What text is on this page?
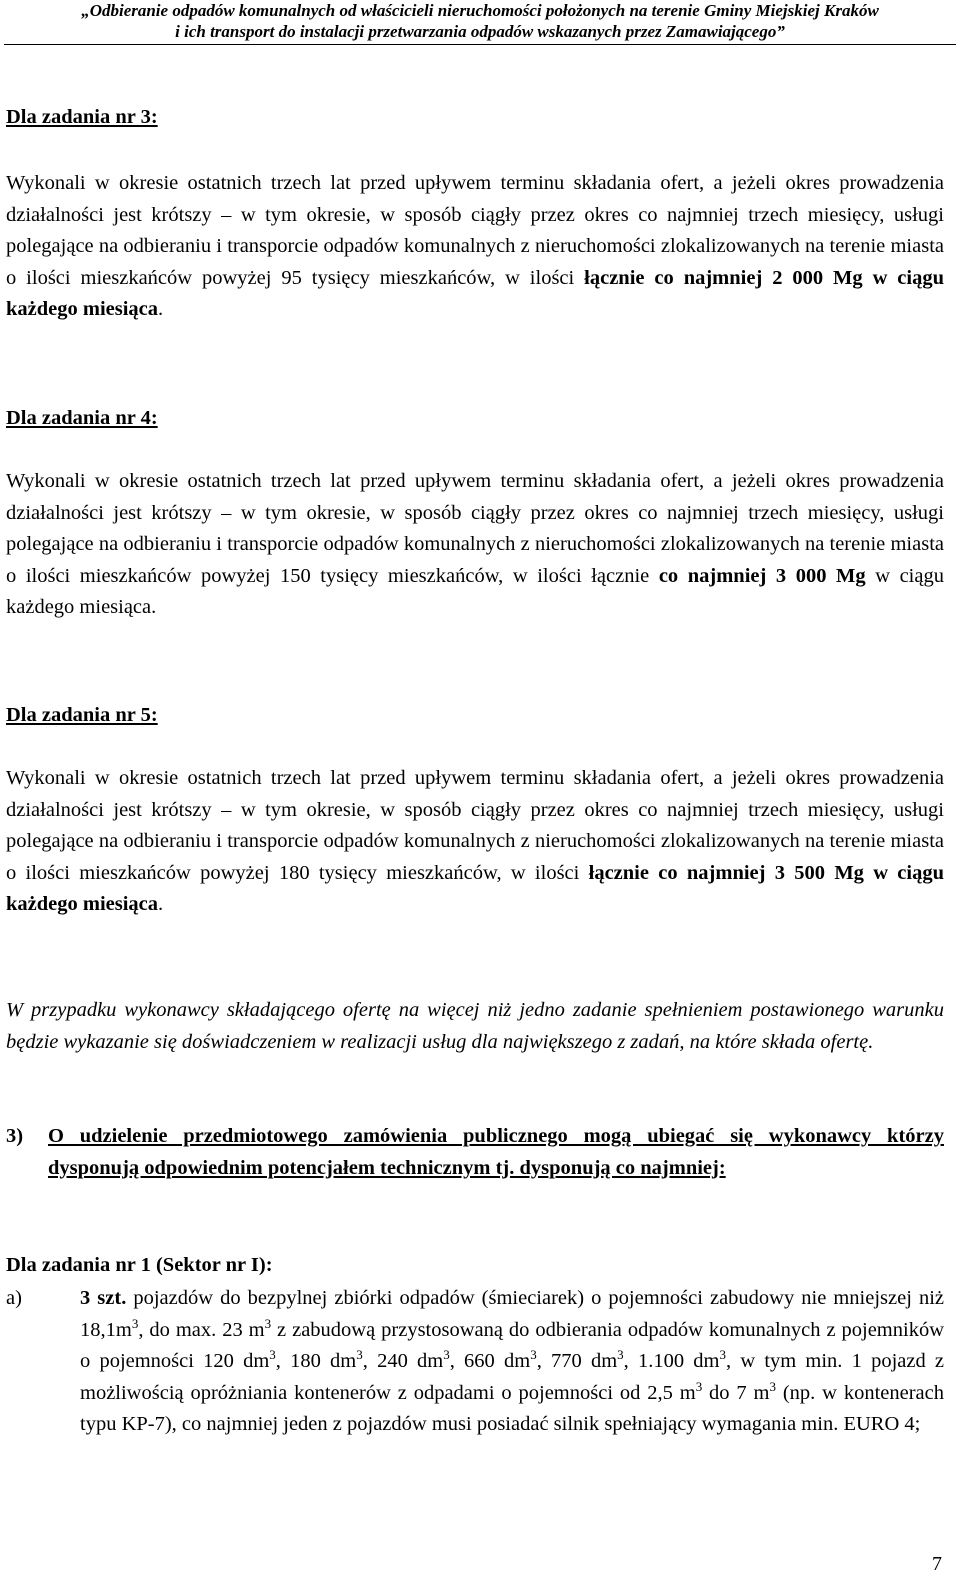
„Odbieranie odpadów komunalnych od właścicieli nieruchomości położonych na terenie Gminy Miejskiej Kraków
i ich transport do instalacji przetwarzania odpadów wskazanych przez Zamawiającego”
Dla zadania nr 3:
Wykonali w okresie ostatnich trzech lat przed upływem terminu składania ofert, a jeżeli okres prowadzenia działalności jest krótszy – w tym okresie, w sposób ciągły przez okres co najmniej trzech miesięcy, usługi polegające na odbieraniu i transporcie odpadów komunalnych z nieruchomości zlokalizowanych na terenie miasta o ilości mieszkańców powyżej 95 tysięcy mieszkańców, w ilości łącznie co najmniej 2 000 Mg w ciągu każdego miesiąca.
Dla zadania nr 4:
Wykonali w okresie ostatnich trzech lat przed upływem terminu składania ofert, a jeżeli okres prowadzenia działalności jest krótszy – w tym okresie, w sposób ciągły przez okres co najmniej trzech miesięcy, usługi polegające na odbieraniu i transporcie odpadów komunalnych z nieruchomości zlokalizowanych na terenie miasta o ilości mieszkańców powyżej 150 tysięcy mieszkańców, w ilości łącznie co najmniej 3 000 Mg w ciągu każdego miesiąca.
Dla zadania nr 5:
Wykonali w okresie ostatnich trzech lat przed upływem terminu składania ofert, a jeżeli okres prowadzenia działalności jest krótszy – w tym okresie, w sposób ciągły przez okres co najmniej trzech miesięcy, usługi polegające na odbieraniu i transporcie odpadów komunalnych z nieruchomości zlokalizowanych na terenie miasta o ilości mieszkańców powyżej 180 tysięcy mieszkańców, w ilości łącznie co najmniej 3 500 Mg w ciągu każdego miesiąca.
W przypadku wykonawcy składającego ofertę na więcej niż jedno zadanie spełnieniem postawionego warunku będzie wykazanie się doświadczeniem w realizacji usług dla największego z zadań, na które składa ofertę.
3) O udzielenie przedmiotowego zamówienia publicznego mogą ubiegać się wykonawcy którzy dysponują odpowiednim potencjałem technicznym tj. dysponują co najmniej:
Dla zadania nr 1 (Sektor nr I):
a)	3 szt. pojazdów do bezpylnej zbiórki odpadów (śmieciarek) o pojemności zabudowy nie mniejszej niż $18,1m^3$, do max. 23 $m^3$ z zabudową przystosowaną do odbierania odpadów komunalnych z pojemników o pojemności 120 $dm^3$, 180 $dm^3$, 240 $dm^3$, 660 $dm^3$, 770 $dm^3$, 1.100 $dm^3$, w tym min. 1 pojazd z możliwością opróżniania kontenerów z odpadami o pojemności od 2,5 $m^3$ do 7 $m^3$ (np. w kontenerach typu KP-7), co najmniej jeden z pojazdów musi posiadać silnik spełniający wymagania min. EURO 4;
7
